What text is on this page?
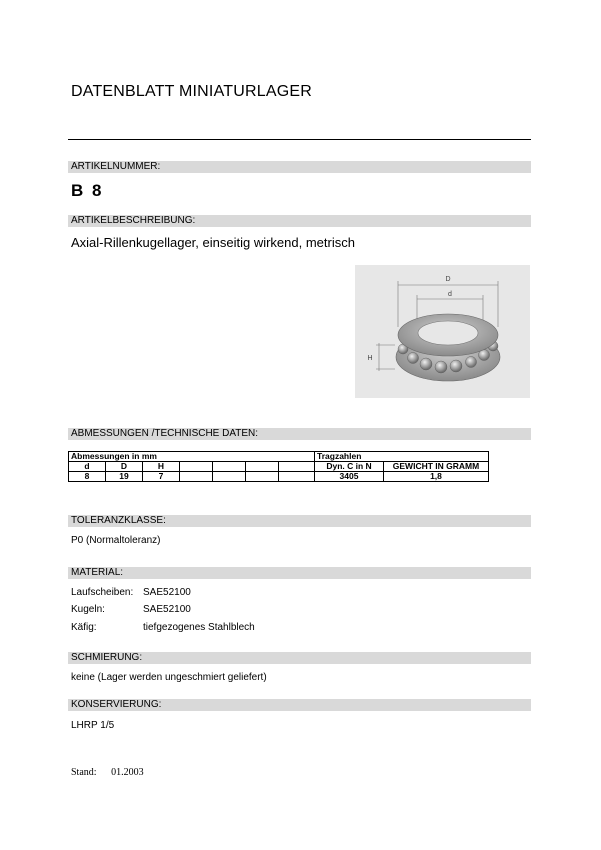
DATENBLATT MINIATURLAGER
ARTIKELNUMMER:
B 8
ARTIKELBESCHREIBUNG:
Axial-Rillenkugellager, einseitig wirkend, metrisch
D
d
H
ABMESSUNGEN /TECHNISCHE DATEN:
Abmessungen in mm							Tragzahlen	
d	D	H					Dyn. C in N	GEWICHT IN GRAMM
8	19	7					3405	1,8
TOLERANZKLASSE:
P0 (Normaltoleranz)
MATERIAL:
Laufscheiben: SAE52100
Kugeln:	SAE52100
Käfig:	tiefgezogenes Stahlblech
SCHMIERUNG:
keine (Lager werden ungeschmiert geliefert)
KONSERVIERUNG:
LHRP 1/5
Stand: 01.2003
